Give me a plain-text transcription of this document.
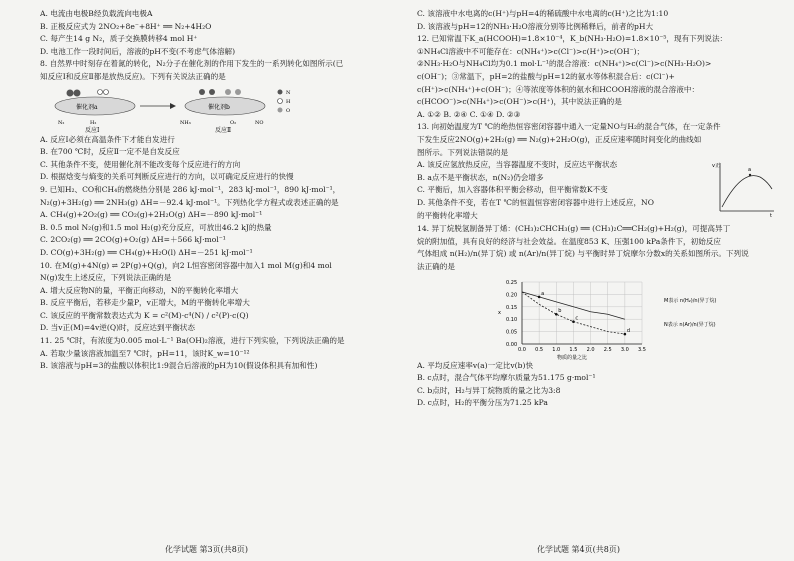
A. 电流由电极B经负载流向电极A
B. 正极反应式为 2NO₂+8e⁻+8H⁺ ══ N₂+4H₂O
C. 每产生14 g N₂，质子交换膜转移4 mol H⁺
D. 电池工作一段时间后，溶液的pH不变(不考虑气体溶解)
8. 自然界中时刻存在着氮的转化，N₂分子在催化剂的作用下发生的一系列转化如图所示(已
知反应Ⅰ和反应Ⅱ都是放热反应)。下列有关说法正确的是
催化剂a	催化剂b
N
H
O
N₂	H₂	NH₃	O₂	NO
反应Ⅰ	反应Ⅱ
A. 反应Ⅰ必须在高温条件下才能自发进行
B. 在700 ℃时，反应Ⅱ一定不是自发反应
C. 其他条件不变，使用催化剂不能改变每个反应进行的方向
D. 根据焓变与熵变的关系可判断反应进行的方向，以可确定反应进行的快慢
9. 已知H₂、CO和CH₄的燃烧热分别是 286 kJ·mol⁻¹，283 kJ·mol⁻¹，890 kJ·mol⁻¹，
N₂(g)+3H₂(g) ══ 2NH₃(g) ΔH=－92.4 kJ·mol⁻¹。下列热化学方程式或表述正确的是
A. CH₄(g)+2O₂(g) ══ CO₂(g)+2H₂O(g) ΔH=－890 kJ·mol⁻¹
B. 0.5 mol N₂(g)和1.5 mol H₂(g)充分反应，可放出46.2 kJ的热量
C. 2CO₂(g) ══ 2CO(g)+O₂(g) ΔH=＋566 kJ·mol⁻¹
D. CO(g)+3H₂(g) ══ CH₄(g)+H₂O(l) ΔH=－251 kJ·mol⁻¹
10. 在M(g)+4N(g) ⇌ 2P(g)+Q(g)，向2 L恒容密闭容器中加入1 mol M(g)和4 mol
N(g)发生上述反应，下列说法正确的是
A. 增大反应物N的量，平衡正向移动，N的平衡转化率增大
B. 反应平衡后，若移走少量P，v正增大，M的平衡转化率增大
C. 该反应的平衡常数表达式为 K = c²(M)·c⁴(N) / c²(P)·c(Q)
D. 当v正(M)=4v逆(Q)时，反应达到平衡状态
11. 25 ℃时，有浓度为0.005 mol·L⁻¹ Ba(OH)₂溶液，进行下列实验，下列说法正确的是
A. 若取少量该溶液加温至7 ℃时，pH=11，该时K_w=10⁻¹²
B. 该溶液与pH=3的盐酸以体积比1:9混合后溶液的pH为10(假设体积具有加和性)
化学试题 第3页(共8页)
C. 该溶液中水电离的c(H⁺)与pH=4的稀硫酸中水电离的c(H⁺)之比为1:10
D. 该溶液与pH=12的NH₃·H₂O溶液分别等比例稀释后，前者的pH大
12. 已知常温下K_a(HCOOH)=1.8×10⁻⁴，K_b(NH₃·H₂O)=1.8×10⁻⁵，现有下列说法：
①NH₄Cl溶液中不可能存在：c(NH₄⁺)>c(Cl⁻)>c(H⁺)>c(OH⁻)；
②NH₃·H₂O与NH₄Cl均为0.1 mol·L⁻¹的混合溶液：c(NH₄⁺)>c(Cl⁻)>c(NH₃·H₂O)>
c(OH⁻)；③常温下，pH=2的盐酸与pH=12的氨水等体积混合后：c(Cl⁻)+
c(H⁺)>c(NH₄⁺)+c(OH⁻)；④等浓度等体积的氨水和HCOOH溶液的混合溶液中：
c(HCOO⁻)>c(NH₄⁺)>c(OH⁻)>c(H⁺)，其中说法正确的是
A. ①② B. ②④ C. ①④ D. ②③
13. 向初始温度为T ℃的绝热恒容密闭容器中通入一定量NO与H₂的混合气体，在一定条件
下发生反应2NO(g)+2H₂(g) ══ N₂(g)+2H₂O(g)，正反应速率随时间变化的曲线如
图所示。下列说法错误的是
A. 该反应氢放热反应，当容器温度不变时，反应达平衡状态
B. a点不是平衡状态，n(N₂)仍会增多
C. 平衡后，加入容器体积平衡会移动，但平衡常数K不变
D. 其他条件不变，若在T ℃的恒温恒容密闭容器中进行上述反应，NO
的平衡转化率增大
a
v正
t
14. 异丁烷脱氢制备异丁烯：(CH₃)₂CHCH₃(g) ══ (CH₃)₂C══CH₂(g)+H₂(g)，可提高异丁
烷的附加值，具有良好的经济与社会效益。在温度853 K、压强100 kPa条件下，初始反应
气体组成 n(H₂)/n(异丁烷) 或 n(Ar)/n(异丁烷) 与平衡时异丁烷摩尔分数x的关系如图所示。下列说
法正确的是
0.25
0.20
0.15
0.10
0.05
0.00
0.0 0.5 1.0 1.5 2.0 2.5 3.0 3.5
x
物质的量之比
a
b
c
d
M表示 n(H₂)/n(异丁烷)
N表示 n(Ar)/n(异丁烷)
A. 平均反应速率v(a)一定比v(b)快
B. c点时，混合气体平均摩尔质量为51.175 g·mol⁻¹
C. b点时，H₂与异丁烷物质的量之比为3:8
D. c点时，H₂的平衡分压为71.25 kPa
化学试题 第4页(共8页)
